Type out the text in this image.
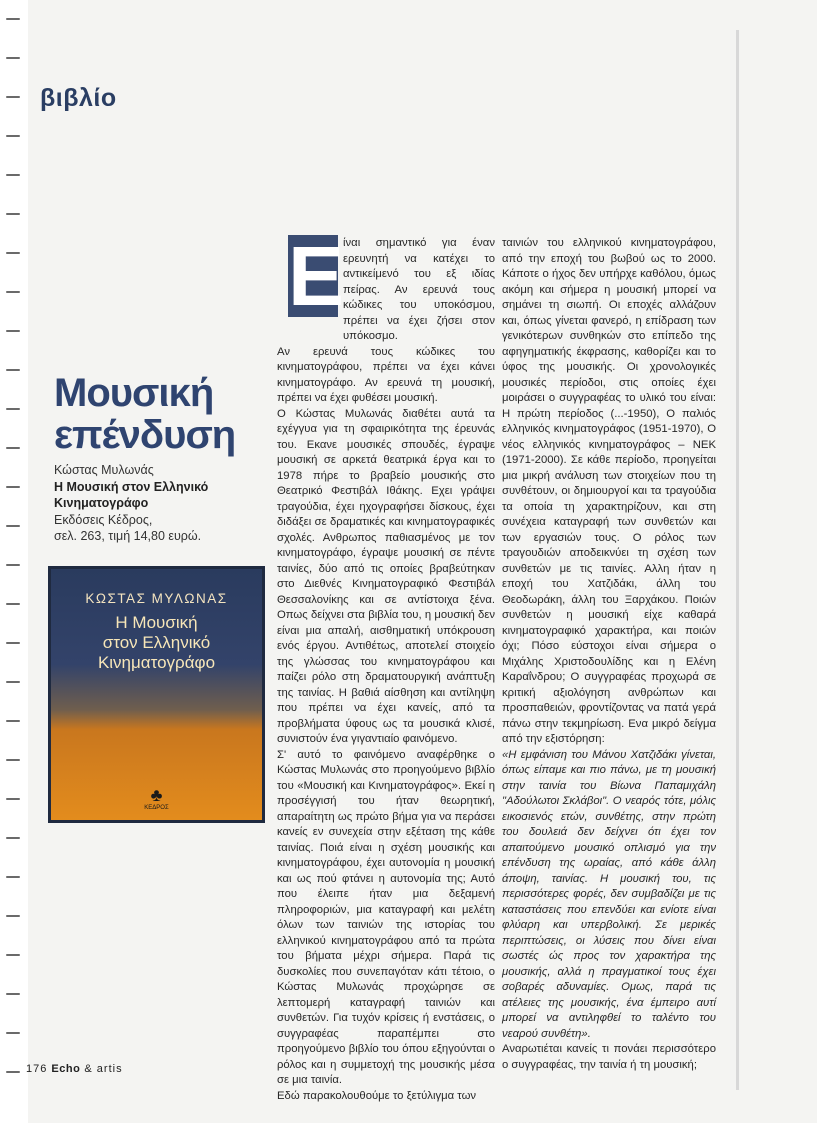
βιβλίο
Μουσική
επένδυση
Κώστας Μυλωνάς
Η Μουσική στον Ελληνικό
Κινηματογράφο
Εκδόσεις Κέδρος,
σελ. 263, τιμή 14,80 ευρώ.
ΚΩΣΤΑΣ ΜΥΛΩΝΑΣ
Η Μουσική
στον Ελληνικό
Κινηματογράφο
♣
ΚΕΔΡΟΣ
Ε

ίναι σημαντικό για έναν ερευνητή να κατέχει το αντικείμενό του εξ ιδίας πείρας. Αν ερευνά τους κώδικες του υποκόσμου, πρέπει να έχει ζήσει στον υπόκοσμο.

Αν ερευνά τους κώδικες του κινηματογράφου, πρέπει να έχει κάνει κινηματογράφο. Αν ερευνά τη μουσική, πρέπει να έχει φυθέσει μουσική.

Ο Κώστας Μυλωνάς διαθέτει αυτά τα εχέγγυα για τη σφαιρικότητα της έρευνάς του. Εκανε μουσικές σπουδές, έγραψε μουσική σε αρκετά θεατρικά έργα και το 1978 πήρε το βραβείο μουσικής στο Θεατρικό Φεστιβάλ Ιθάκης. Εχει γράψει τραγούδια, έχει ηχογραφήσει δίσκους, έχει διδάξει σε δραματικές και κινηματογραφικές σχολές. Ανθρωπος παθιασμένος με τον κινηματογράφο, έγραψε μουσική σε πέντε ταινίες, δύο από τις οποίες βραβεύτηκαν στο Διεθνές Κινηματογραφικό Φεστιβάλ Θεσσαλονίκης και σε αντίστοιχα ξένα. Οπως δείχνει στα βιβλία του, η μουσική δεν είναι μια απαλή, αισθηματική υπόκρουση ενός έργου. Αντιθέτως, αποτελεί στοιχείο της γλώσσας του κινηματογράφου και παίζει ρόλο στη δραματουργική ανάπτυξη της ταινίας. Η βαθιά αίσθηση και αντίληψη που πρέπει να έχει κανείς, από τα προβλήματα ύφους ως τα μουσικά κλισέ, συνιστούν ένα γιγαντιαίο φαινόμενο.

Σ' αυτό το φαινόμενο αναφέρθηκε ο Κώστας Μυλωνάς στο προηγούμενο βιβλίο του «Μουσική και Κινηματογράφος». Εκεί η προσέγγισή του ήταν θεωρητική, απαραίτητη ως πρώτο βήμα για να περάσει κανείς εν συνεχεία στην εξέταση της κάθε ταινίας. Ποιά είναι η σχέση μουσικής και κινηματογράφου, έχει αυτονομία η μουσική και ως πού φτάνει η αυτονομία της; Αυτό που έλειπε ήταν μια δεξαμενή πληροφοριών, μια καταγραφή και μελέτη όλων των ταινιών της ιστορίας του ελληνικού κινηματογράφου από τα πρώτα του βήματα μέχρι σήμερα. Παρά τις δυσκολίες που συνεπαγόταν κάτι τέτοιο, ο Κώστας Μυλωνάς προχώρησε σε λεπτομερή καταγραφή ταινιών και συνθετών. Για τυχόν κρίσεις ή ενστάσεις, ο συγγραφέας παραπέμπει στο προηγούμενο βιβλίο του όπου εξηγούνται ο ρόλος και η συμμετοχή της μουσικής μέσα σε μια ταινία.

Εδώ παρακολουθούμε το ξετύλιγμα των

ταινιών του ελληνικού κινηματογράφου, από την εποχή του βωβού ως το 2000. Κάποτε ο ήχος δεν υπήρχε καθόλου, όμως ακόμη και σήμερα η μουσική μπορεί να σημάνει τη σιωπή. Οι εποχές αλλάζουν και, όπως γίνεται φανερό, η επίδραση των γενικότερων συνθηκών στο επίπεδο της αφηγηματικής έκφρασης, καθορίζει και το ύφος της μουσικής. Οι χρονολογικές μουσικές περίοδοι, στις οποίες έχει μοιράσει ο συγγραφέας το υλικό του είναι: Η πρώτη περίοδος (...-1950), Ο παλιός ελληνικός κινηματογράφος (1951-1970), Ο νέος ελληνικός κινηματογράφος – ΝΕΚ (1971-2000). Σε κάθε περίοδο, προηγείται μια μικρή ανάλυση των στοιχείων που τη συνθέτουν, οι δημιουργοί και τα τραγούδια τα οποία τη χαρακτηρίζουν, και στη συνέχεια καταγραφή των συνθετών και των εργασιών τους. Ο ρόλος των τραγουδιών αποδεικνύει τη σχέση των συνθετών με τις ταινίες. Αλλη ήταν η εποχή του Χατζιδάκι, άλλη του Θεοδωράκη, άλλη του Ξαρχάκου. Ποιών συνθετών η μουσική είχε καθαρά κινηματογραφικό χαρακτήρα, και ποιών όχι; Πόσο εύστοχοι είναι σήμερα ο Μιχάλης Χριστοδουλίδης και η Ελένη Καραΐνδρου; Ο συγγραφέας προχωρά σε κριτική αξιολόγηση ανθρώπων και προσπαθειών, φροντίζοντας να πατά γερά πάνω στην τεκμηρίωση. Ενα μικρό δείγμα από την εξιστόρηση:

«Η εμφάνιση του Μάνου Χατζιδάκι γίνεται, όπως είπαμε και πιο πάνω, με τη μουσική στην ταινία του Βίωνα Παπαμιχάλη "Αδούλωτοι Σκλάβοι". Ο νεαρός τότε, μόλις εικοσιενός ετών, συνθέτης, στην πρώτη του δουλειά δεν δείχνει ότι έχει τον απαιτούμενο μουσικό οπλισμό για την επένδυση της ωραίας, από κάθε άλλη άποψη, ταινίας. Η μουσική του, τις περισσότερες φορές, δεν συμβαδίζει με τις καταστάσεις που επενδύει και ενίοτε είναι φλύαρη και υπερβολική. Σε μερικές περιπτώσεις, οι λύσεις που δίνει είναι σωστές ώς προς τον χαρακτήρα της μουσικής, αλλά η πραγματικοί τους έχει σοβαρές αδυναμίες. Ομως, παρά τις ατέλειες της μουσικής, ένα έμπειρο αυτί μπορεί να αντιληφθεί το ταλέντο του νεαρού συνθέτη».

Αναρωτιέται κανείς τι πονάει περισσότερο ο συγγραφέας, την ταινία ή τη μουσική;

176 Echo & artis
